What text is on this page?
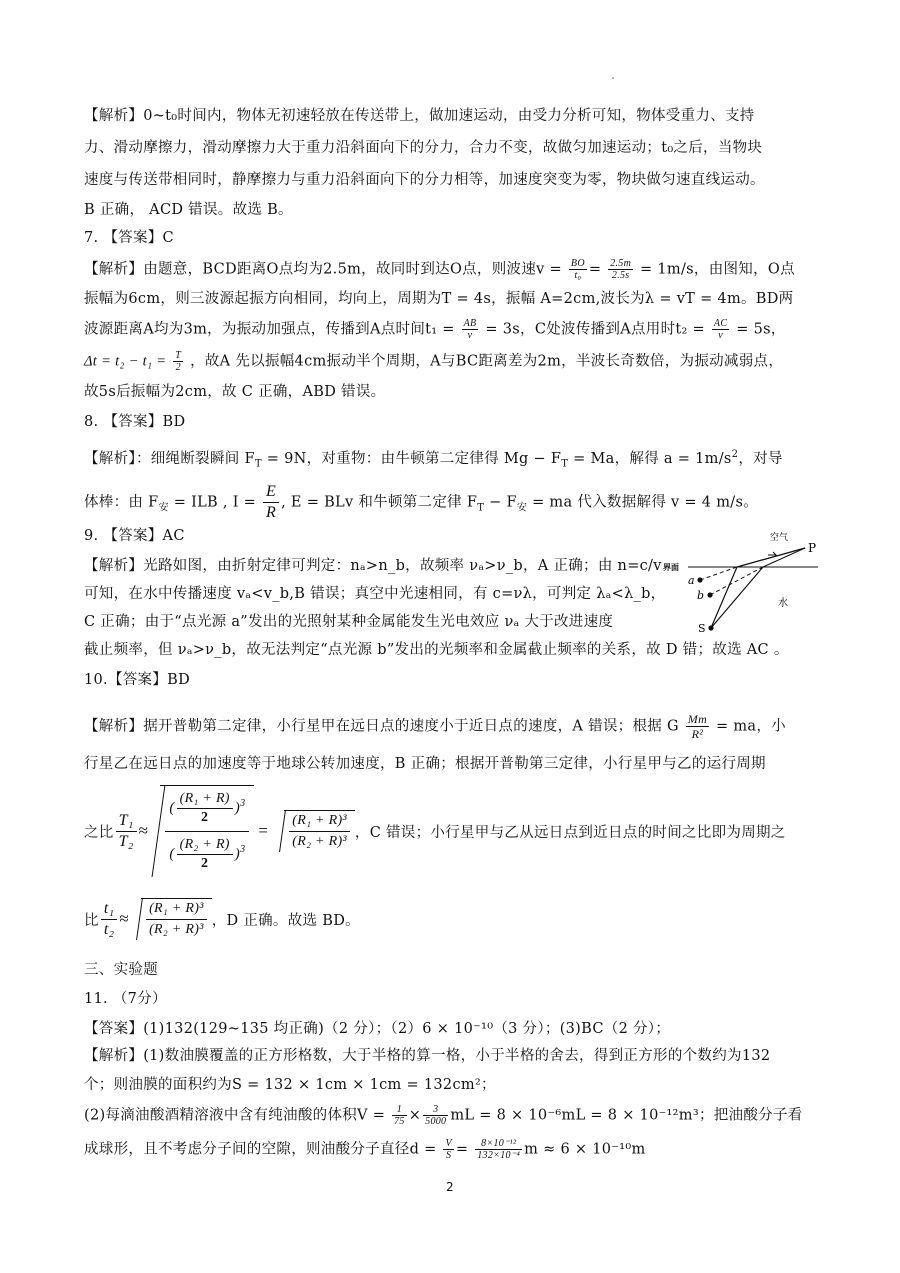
【解析】0~t₀时间内，物体无初速轻放在传送带上，做加速运动，由受力分析可知，物体受重力、支持
力、滑动摩擦力，滑动摩擦力大于重力沿斜面向下的分力，合力不变，故做匀加速运动；t₀之后，当物块
速度与传送带相同时，静摩擦力与重力沿斜面向下的分力相等，加速度突变为零，物块做匀速直线运动。
B 正确， ACD 错误。故选 B。
7. 【答案】C
【解析】由题意，BCD距离O点均为2.5m，故同时到达O点，则波速$v = \frac{BO}{\text{t₀}} = \frac{2.5m}{2.5s} = 1m/s$，由图知，O点
振幅为6cm，则三波源起振方向相同，均向上，周期为T = 4s，振幅 A=2cm,波长为λ = vT = 4m。BD两
波源距离A均为3m，为振动加强点，传播到A点时间$t_1 = \frac{AB}{v} = 3s$，C处波传播到A点用时$t_2 = \frac{AC}{v} = 5s$，
$\Delta t = t_2 - t_1 = \frac{T}{2}$ ，故A 先以振幅4cm振动半个周期，A与BC距离差为2m，半波长奇数倍，为振动减弱点，
故5s后振幅为2cm，故 C 正确，ABD 错误。
8. 【答案】BD
【解析】：细绳断裂瞬间 $F_T = 9N$，对重物：由牛顿第二定律得 $Mg - F_T = Ma$，解得 $a = 1m/s^2$，对导
体棒：由 $F_安$ = ILB , $I = \frac{E}{R}$ , E = BLv 和牛顿第二定律 $F_T - F_安$ = ma 代入数据解得 v = 4 m/s。
9. 【答案】AC
【解析】光路如图，由折射定律可判定：nₐ>n_b，故频率 νₐ>ν_b，A 正确；由 n=c/v
可知，在水中传播速度 vₐ<v_b,B 错误；真空中光速相同，有 c=νλ，可判定 λₐ<λ_b，
C 正确；由于“点光源 a”发出的光照射某种金属能发生光电效应 νₐ 大于改进速度
截止频率，但 νₐ>ν_b，故无法判定“点光源 b”发出的光频率和金属截止频率的关系，故 D 错；故选 AC 。
空气
P
界面
a
b
S
水
10.【答案】BD
【解析】据开普勒第二定律，小行星甲在远日点的速度小于近日点的速度，A 错误；根据 G $\frac{Mm}{\text{R²}}$ = ma，小
行星乙在远日点的加速度等于地球公转加速度，B 正确；根据开普勒第三定律，小行星甲与乙的运行周期
之比 $\frac{\text{T₁}}{\text{T₂}} \approx \frac{( \frac{\text{(R₁ + R)}}{2} )^3}{( \frac{\text{(R₂ + R)}}{2} )^3} = \frac{\text{(R₁ + R)³}}{\text{(R₂ + R)³}}$ ，C 错误；小行星甲与乙从远日点到近日点的时间之比即为周期之
比 $\frac{\text{t₁}}{\text{t₂}} \approx \frac{\text{(R₁ + R)³}}{\text{(R₂ + R)³}}$ ，D 正确。故选 BD。
三、实验题
11. （7分）
【答案】(1)132(129~135 均正确)（2 分）；（2）6 × 10⁻¹⁰（3 分）；(3)BC（2 分）；
【解析】(1)数油膜覆盖的正方形格数，大于半格的算一格，小于半格的舍去，得到正方形的个数约为132
个；则油膜的面积约为S = 132 × 1cm × 1cm = 132cm²；
(2)每滴油酸酒精溶液中含有纯油酸的体积$V = \frac{1}{75} \times \frac{3}{5000}$ mL = 8 × 10⁻⁶mL = 8 × 10⁻¹²m³；把油酸分子看
成球形，且不考虑分子间的空隙，则油酸分子直径$d = \frac{V}{S} = \frac{\text{8×10⁻¹²}}{\text{132×10⁻⁴}}$ m ≈ 6 × 10⁻¹⁰m
2
